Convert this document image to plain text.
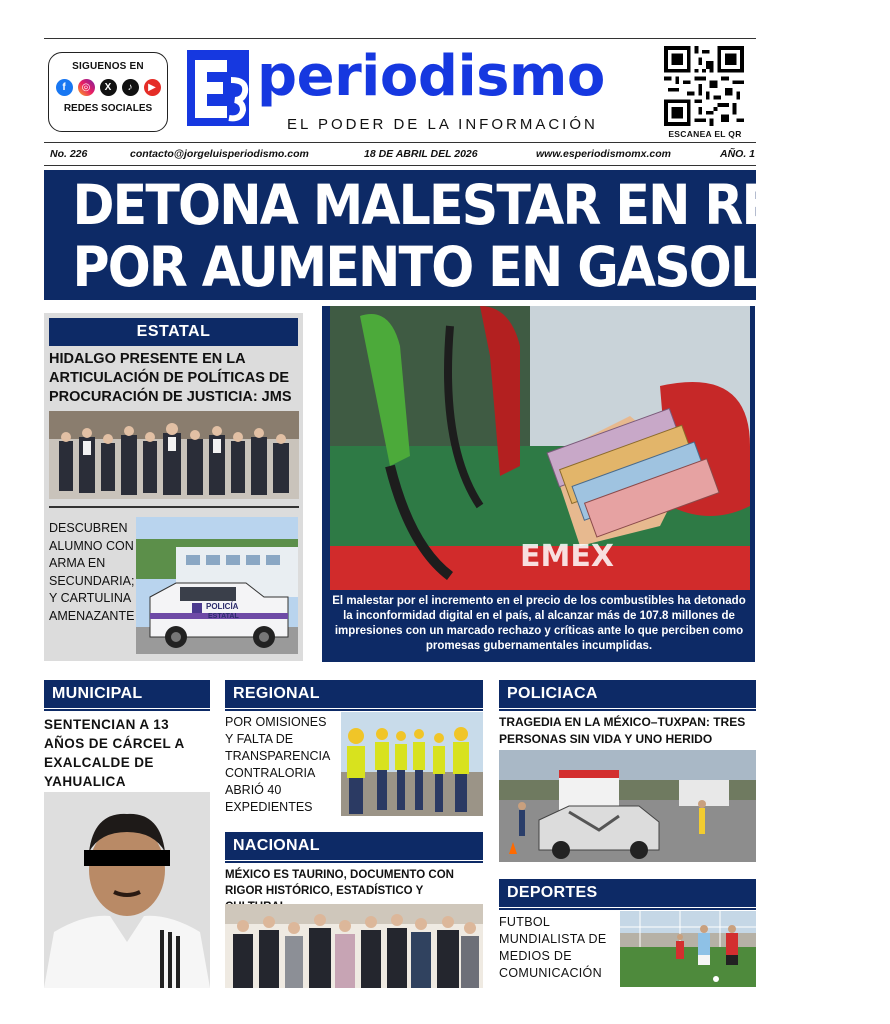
SIGUENOS EN
f	◎	X	♪	▶
REDES SOCIALES periodismo
EL PODER DE LA INFORMACIÓN
ESCANEA EL QR
No. 226	contacto@jorgeluisperiodismo.com	18 DE ABRIL DEL 2026	www.esperiodismomx.com	AÑO. 1
DETONA MALESTAR EN REDES
POR AUMENTO EN GASOLINAS
ESTATAL
HIDALGO PRESENTE EN LA ARTICULACIÓN DE POLÍTICAS DE PROCURACIÓN DE JUSTICIA: JMS
DESCUBREN ALUMNO CON ARMA EN SECUNDARIA; Y CARTULINA AMENAZANTE
POLICÍA
ESTATAL
EMEX
El malestar por el incremento en el precio de los combustibles ha detonado la inconformidad digital en el país, al alcanzar más de 107.8 millones de impresiones con un marcado rechazo y críticas ante lo que perciben como promesas gubernamentales incumplidas.
MUNICIPAL
SENTENCIAN A 13 AÑOS DE CÁRCEL A EXALCALDE DE YAHUALICA
REGIONAL
POR OMISIONES Y FALTA DE TRANSPARENCIA CONTRALORIA ABRIÓ 40 EXPEDIENTES
NACIONAL
MÉXICO ES TAURINO, DOCUMENTO CON RIGOR HISTÓRICO, ESTADÍSTICO Y
POLICIACA
TRAGEDIA EN LA MÉXICO–TUXPAN: TRES PERSONAS SIN VIDA Y UNO HERIDO
DEPORTES
FUTBOL MUNDIALISTA DE MEDIOS DE COMUNICACIÓN
